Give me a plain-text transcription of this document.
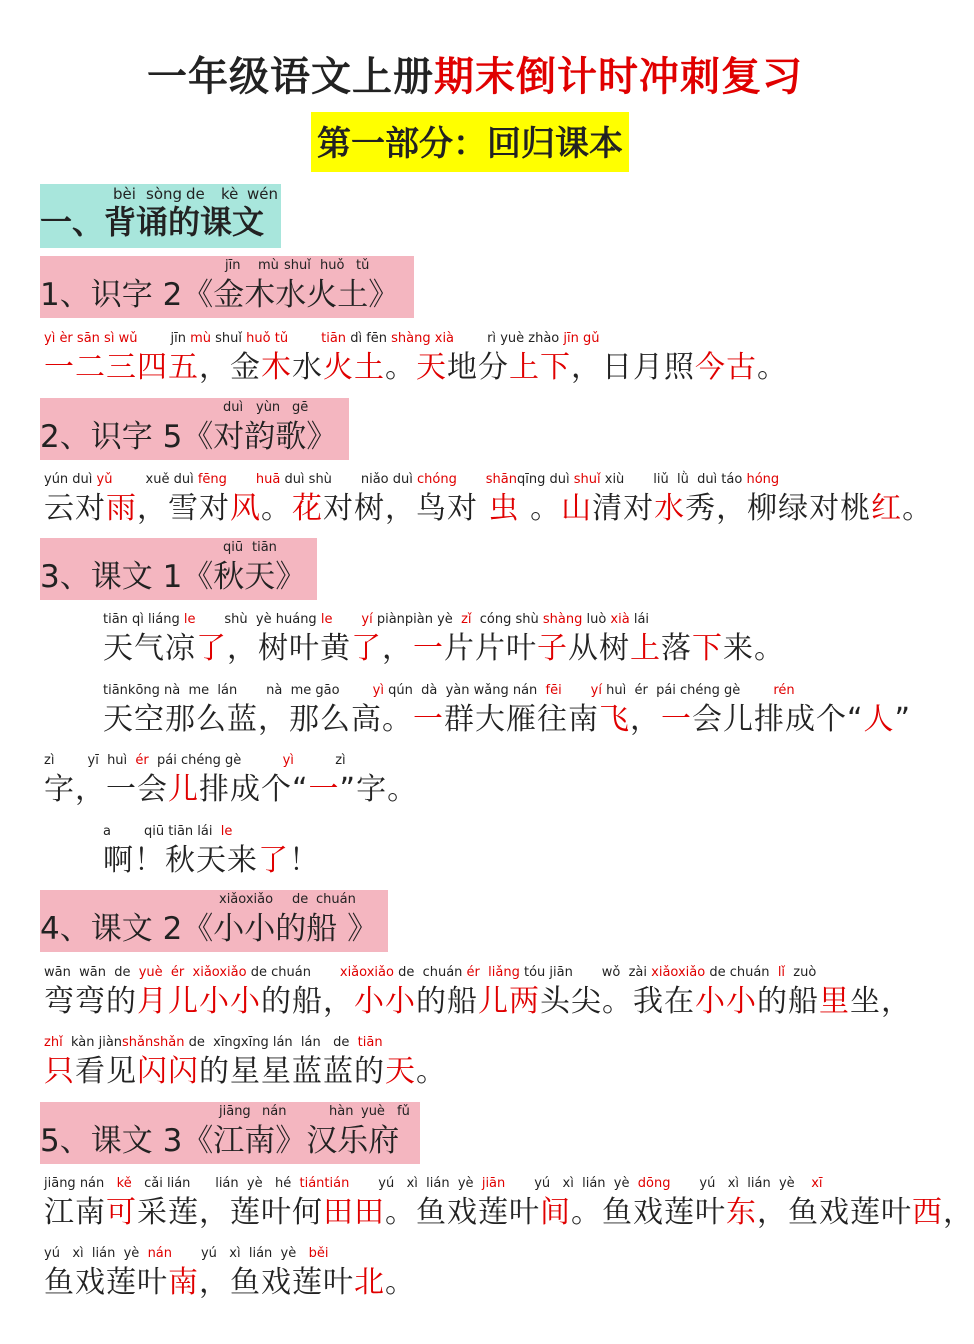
一年级语文上册期末倒计时冲刺复习
第一部分：回归课本
bèi sòng de kè wén
一、背诵的课文
jīn mù shuǐ huǒ tǔ
1、识字 2《金木水火土》
yì èr sān sì wǔ        jīn mù shuǐ huǒ tǔ        tiān dì fēn shàng xià        rì yuè zhào jīn gǔ
一二三四五，金木水火土。天地分上下，日月照今古。
duì yùn gē
2、识字 5《对韵歌》
yún duì yǔ        xuě duì fēng       huā duì shù       niǎo duì chóng       shānqīng duì shuǐ xiù       liǔ  lǜ  duì táo hóng
云对雨，雪对风。花对树，鸟对 虫 。山清对水秀，柳绿对桃红。
qiū tiān
3、课文 1《秋天》
tiān qì liáng le       shù  yè huáng le       yí piànpiàn yè  zǐ  cóng shù shàng luò xià lái
天气凉了，树叶黄了，一片片叶子从树上落下来。
tiānkōng nà  me  lán       nà  me gāo        yì qún  dà  yàn wǎng nán  fēi       yí huì  ér  pái chéng gè        rén
天空那么蓝，那么高。一群大雁往南飞，一会儿排成个“人”
zì        yī  huì  ér  pái chéng gè          yì          zì
字，一会儿排成个“一”字。
a        qiū tiān lái  le
啊！秋天来了！
xiǎoxiǎo de chuán
4、课文 2《小小的船 》
wān  wān  de  yuè  ér  xiǎoxiǎo de chuán       xiǎoxiǎo de  chuán ér  liǎng tóu jiān       wǒ  zài xiǎoxiǎo de chuán  lǐ  zuò
弯弯的月儿小小的船，小小的船儿两头尖。我在小小的船里坐，
zhǐ  kàn jiànshǎnshǎn de  xīngxīng lán  lán   de  tiān
只看见闪闪的星星蓝蓝的天。
jiāng nán	hàn yuè fǔ
5、课文 3《江南》汉乐府
jiāng nán   kě   cǎi lián      lián  yè   hé  tiántián       yú   xì  lián  yè  jiān       yú   xì  lián  yè  dōng       yú   xì  lián  yè    xī
江南可采莲，莲叶何田田。鱼戏莲叶间。鱼戏莲叶东，鱼戏莲叶西，
yú   xì  lián  yè  nán       yú   xì  lián  yè   běi
鱼戏莲叶南，鱼戏莲叶北。
